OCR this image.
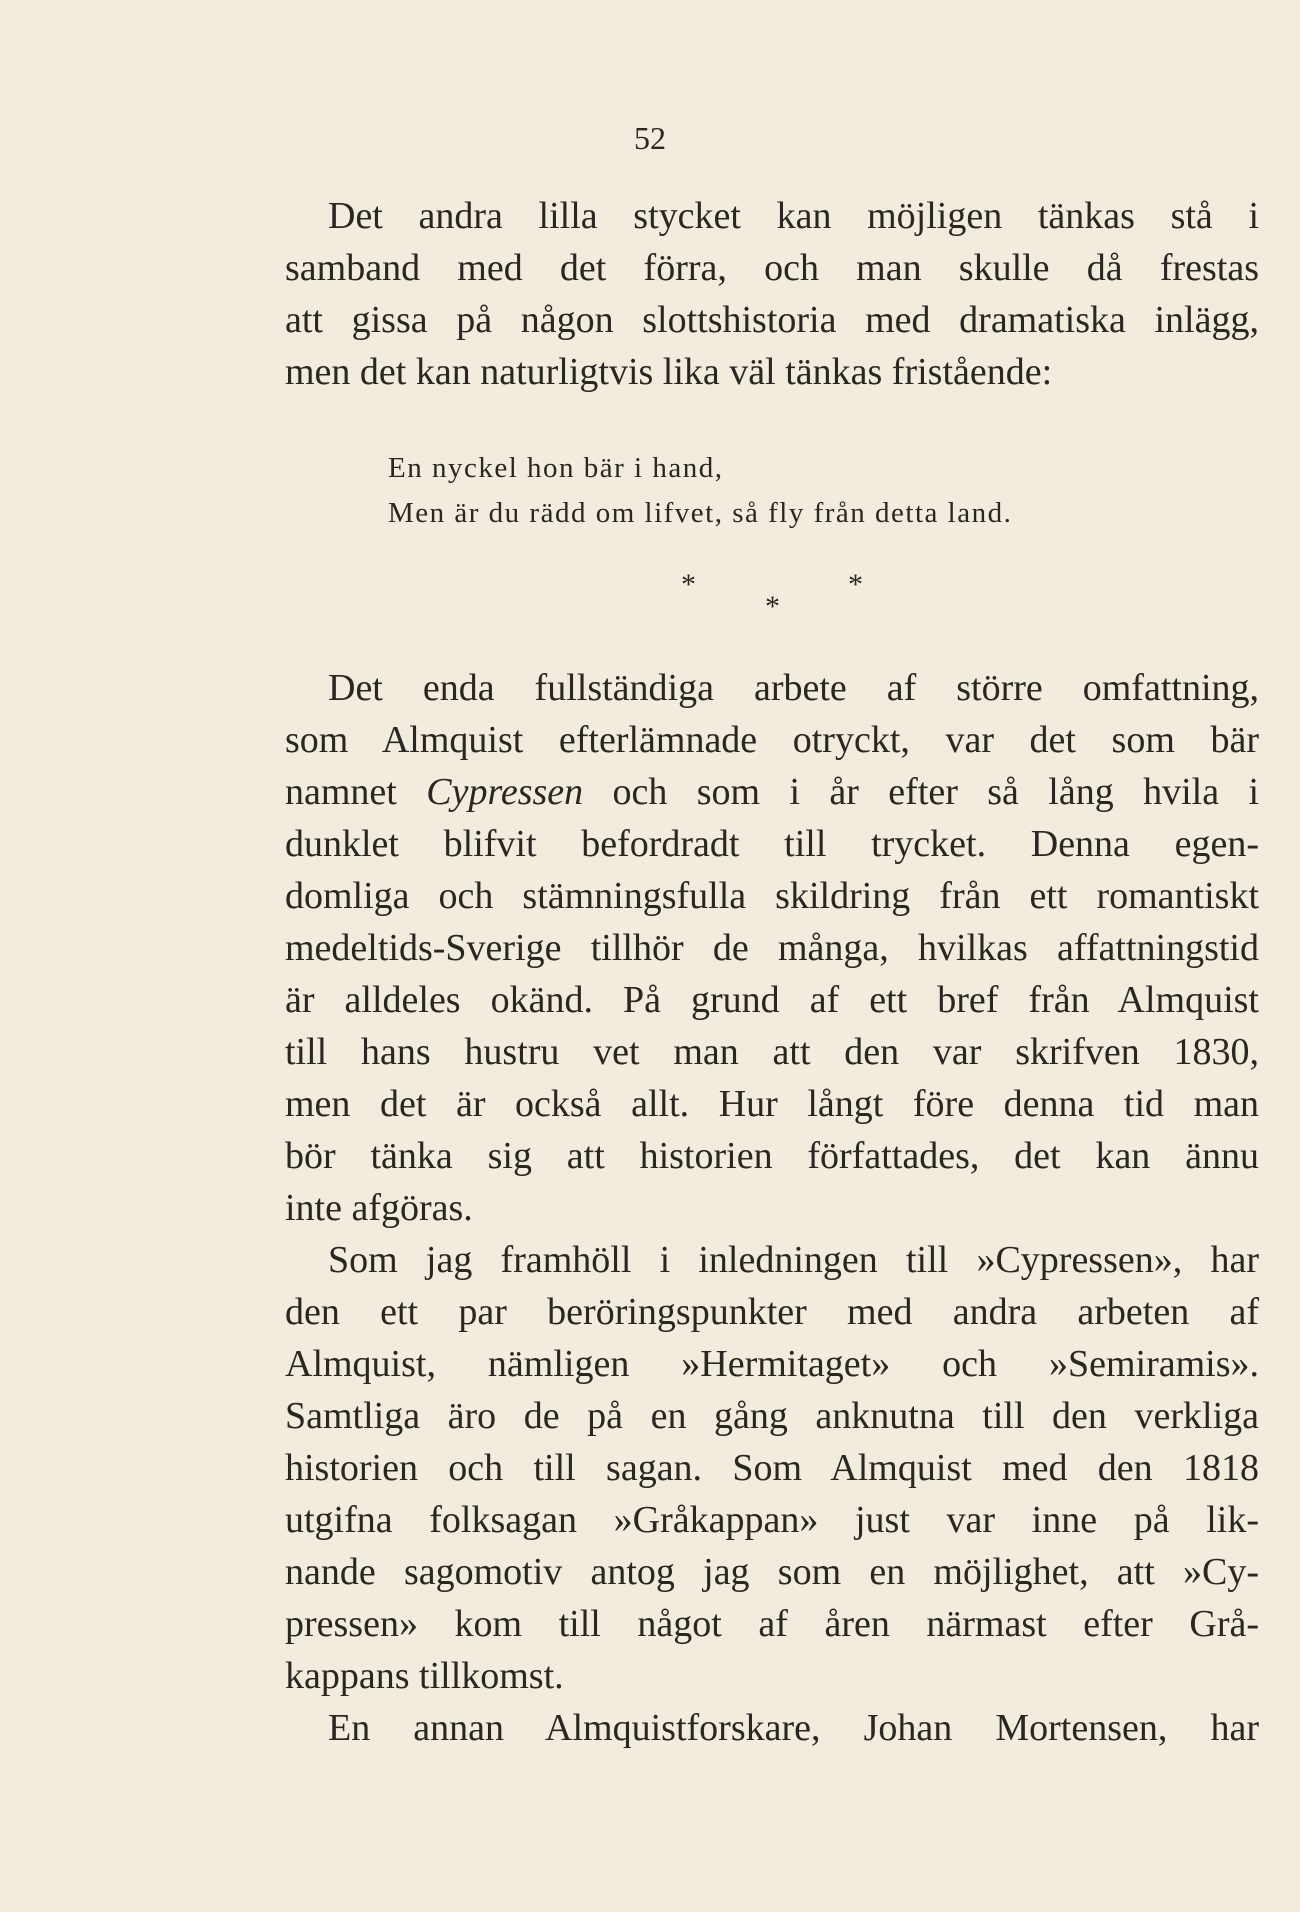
52
Det andra lilla stycket kan möjligen tänkas stå i
samband med det förra, och man skulle då frestas
att gissa på någon slottshistoria med dramatiska inlägg,
men det kan naturligtvis lika väl tänkas fristående:
En nyckel hon bär i hand,
Men är du rädd om lifvet, så fly från detta land.
*
*
*
Det enda fullständiga arbete af större omfattning,
som Almquist efterlämnade otryckt, var det som bär
namnet Cypressen och som i år efter så lång hvila i
dunklet blifvit befordradt till trycket. Denna egen-
domliga och stämningsfulla skildring från ett romantiskt
medeltids-Sverige tillhör de många, hvilkas affattningstid
är alldeles okänd. På grund af ett bref från Almquist
till hans hustru vet man att den var skrifven 1830,
men det är också allt. Hur långt före denna tid man
bör tänka sig att historien författades, det kan ännu
inte afgöras.
Som jag framhöll i inledningen till »Cypressen», har
den ett par beröringspunkter med andra arbeten af
Almquist, nämligen »Hermitaget» och »Semiramis».
Samtliga äro de på en gång anknutna till den verkliga
historien och till sagan. Som Almquist med den 1818
utgifna folksagan »Gråkappan» just var inne på lik-
nande sagomotiv antog jag som en möjlighet, att »Cy-
pressen» kom till något af åren närmast efter Grå-
kappans tillkomst.
En annan Almquistforskare, Johan Mortensen, har
